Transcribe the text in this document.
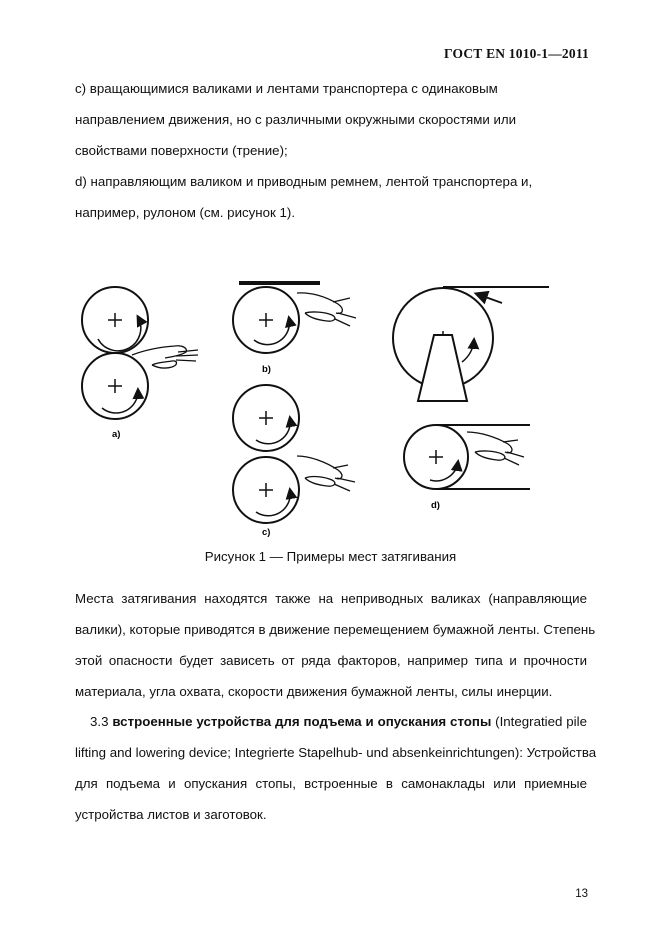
ГОСТ EN 1010-1—2011
с) вращающимися валиками и лентами транспортера с одинаковым
направлением движения, но с различными окружными скоростями или
свойствами поверхности (трение);
d) направляющим валиком и приводным ремнем, лентой транспортера и,
например, рулоном (см. рисунок 1).
a)
b)
c)
d)
Рисунок 1 — Примеры мест затягивания
Места затягивания находятся также на неприводных валиках (направляющие
валики), которые приводятся в движение перемещением бумажной ленты. Степень
этой опасности будет зависеть от ряда факторов, например типа и прочности
материала, угла охвата, скорости движения бумажной ленты, силы инерции.
3.3 встроенные устройства для подъема и опускания стопы (Integratied pile
lifting and lowering device; Integrierte Stapelhub- und absenkeinrichtungen): Устройства
для подъема и опускания стопы, встроенные в самонаклады или приемные
устройства листов и заготовок.
13
